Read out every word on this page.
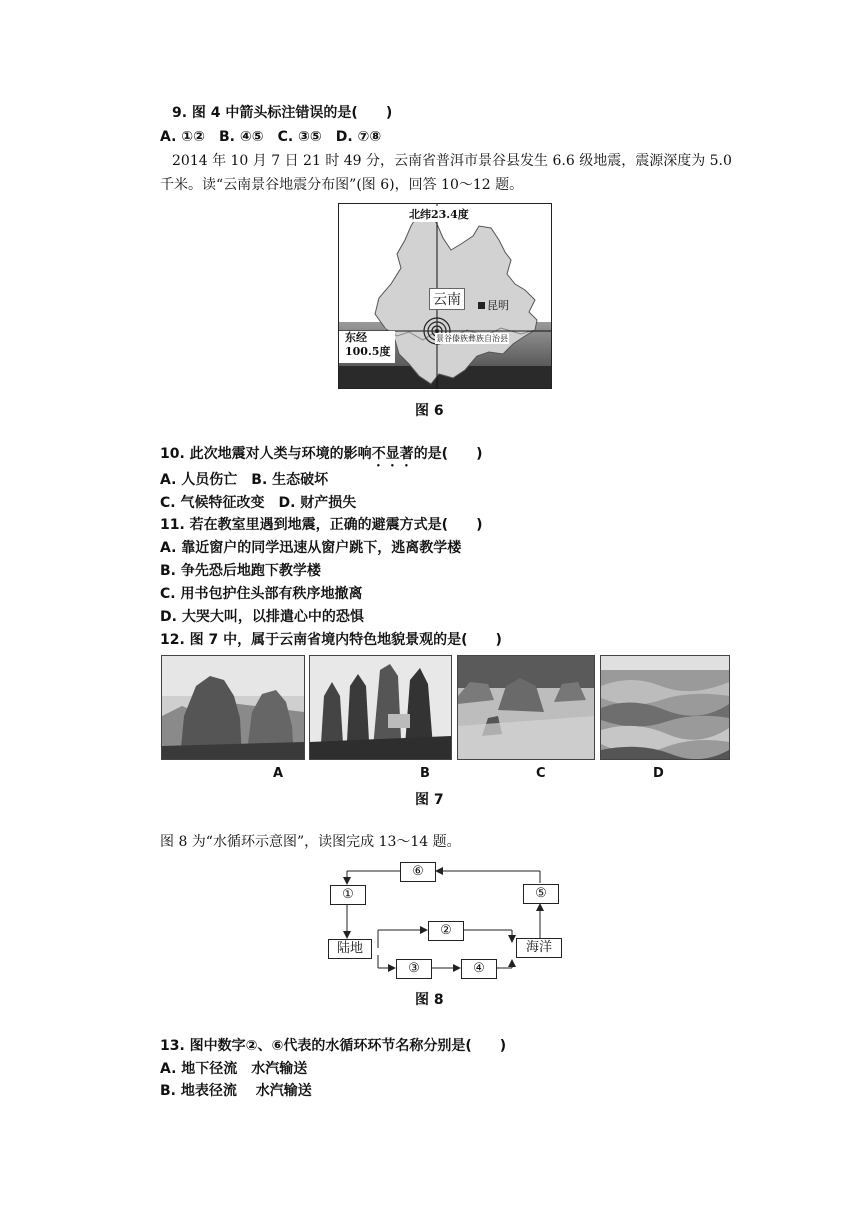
9. 图 4 中箭头标注错误的是(　　)
A. ①②　B. ④⑤　C. ③⑤　D. ⑦⑧
2014 年 10 月 7 日 21 时 49 分，云南省普洱市景谷县发生 6.6 级地震，震源深度为 5.0
千米。读“云南景谷地震分布图”(图 6)，回答 10～12 题。
北纬23.4度
云南	昆明
东经
100.5度
景谷傣族彝族自治县
图 6
10. 此次地震对人类与环境的影响不显著的是(　　)
A. 人员伤亡　B. 生态破坏
C. 气候特征改变　D. 财产损失
11. 若在教室里遇到地震，正确的避震方式是(　　)
A. 靠近窗户的同学迅速从窗户跳下，逃离教学楼
B. 争先恐后地跑下教学楼
C. 用书包护住头部有秩序地撤离
D. 大哭大叫，以排遣心中的恐惧
12. 图 7 中，属于云南省境内特色地貌景观的是(　　)
A	B	C	D
图 7
图 8 为“水循环示意图”，读图完成 13～14 题。
⑥
①	⑤
②
陆地	海洋
③	④
图 8
13. 图中数字②、⑥代表的水循环环节名称分别是(　　)
A. 地下径流　水汽输送
B. 地表径流　 水汽输送
